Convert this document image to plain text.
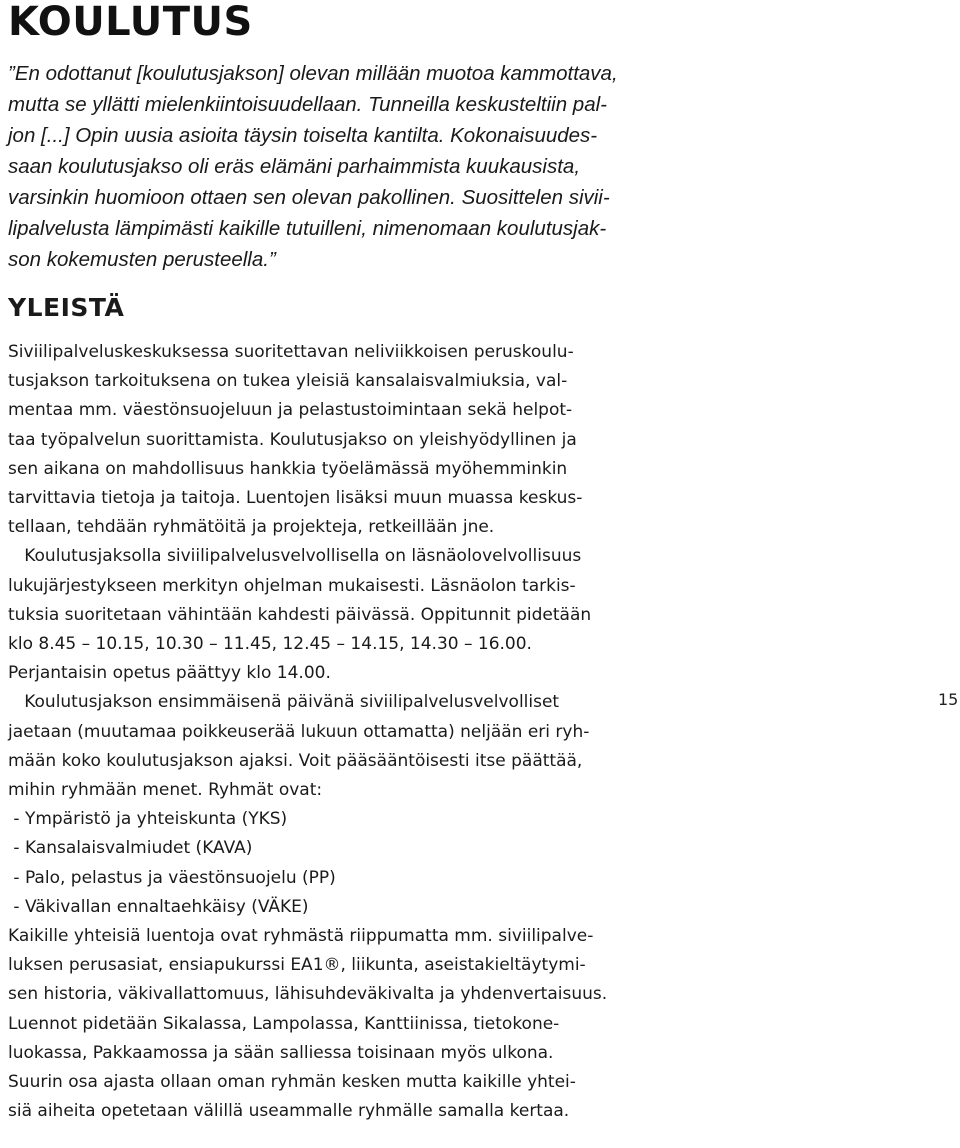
KOULUTUS
”En odottanut [koulutusjakson] olevan millään muotoa kammottava,
mutta se yllätti mielenkiintoisuudellaan. Tunneilla keskusteltiin pal-
jon [...] Opin uusia asioita täysin toiselta kantilta. Kokonaisuudes-
saan koulutusjakso oli eräs elämäni parhaimmista kuukausista,
varsinkin huomioon ottaen sen olevan pakollinen. Suosittelen sivii-
lipalvelusta lämpimästi kaikille tutuilleni, nimenomaan koulutusjak-
son kokemusten perusteella.”
YLEISTÄ
Siviilipalveluskeskuksessa suoritettavan neliviikkoisen peruskoulu-
tusjakson tarkoituksena on tukea yleisiä kansalaisvalmiuksia, val-
mentaa mm. väestönsuojeluun ja pelastustoimintaan sekä helpot-
taa työpalvelun suorittamista. Koulutusjakso on yleishyödyllinen ja
sen aikana on mahdollisuus hankkia työelämässä myöhemminkin
tarvittavia tietoja ja taitoja. Luentojen lisäksi muun muassa keskus-
tellaan, tehdään ryhmätöitä ja projekteja, retkeillään jne.
Koulutusjaksolla siviilipalvelusvelvollisella on läsnäolovelvollisuus
lukujärjestykseen merkityn ohjelman mukaisesti. Läsnäolon tarkis-
tuksia suoritetaan vähintään kahdesti päivässä. Oppitunnit pidetään
klo 8.45 – 10.15, 10.30 – 11.45, 12.45 – 14.15, 14.30 – 16.00.
Perjantaisin opetus päättyy klo 14.00.
Koulutusjakson ensimmäisenä päivänä siviilipalvelusvelvolliset
jaetaan (muutamaa poikkeuserää lukuun ottamatta) neljään eri ryh-
mään koko koulutusjakson ajaksi. Voit pääsääntöisesti itse päättää,
mihin ryhmään menet. Ryhmät ovat:
- Ympäristö ja yhteiskunta (YKS)
- Kansalaisvalmiudet (KAVA)
- Palo, pelastus ja väestönsuojelu (PP)
- Väkivallan ennaltaehkäisy (VÄKE)
Kaikille yhteisiä luentoja ovat ryhmästä riippumatta mm. siviilipalve-
luksen perusasiat, ensiapukurssi EA1®, liikunta, aseistakieltäytymi-
sen historia, väkivallattomuus, lähisuhdeväkivalta ja yhdenvertaisuus.
Luennot pidetään Sikalassa, Lampolassa, Kanttiinissa, tietokone-
luokassa, Pakkaamossa ja sään salliessa toisinaan myös ulkona.
Suurin osa ajasta ollaan oman ryhmän kesken mutta kaikille yhtei-
siä aiheita opetetaan välillä useammalle ryhmälle samalla kertaa.
15
